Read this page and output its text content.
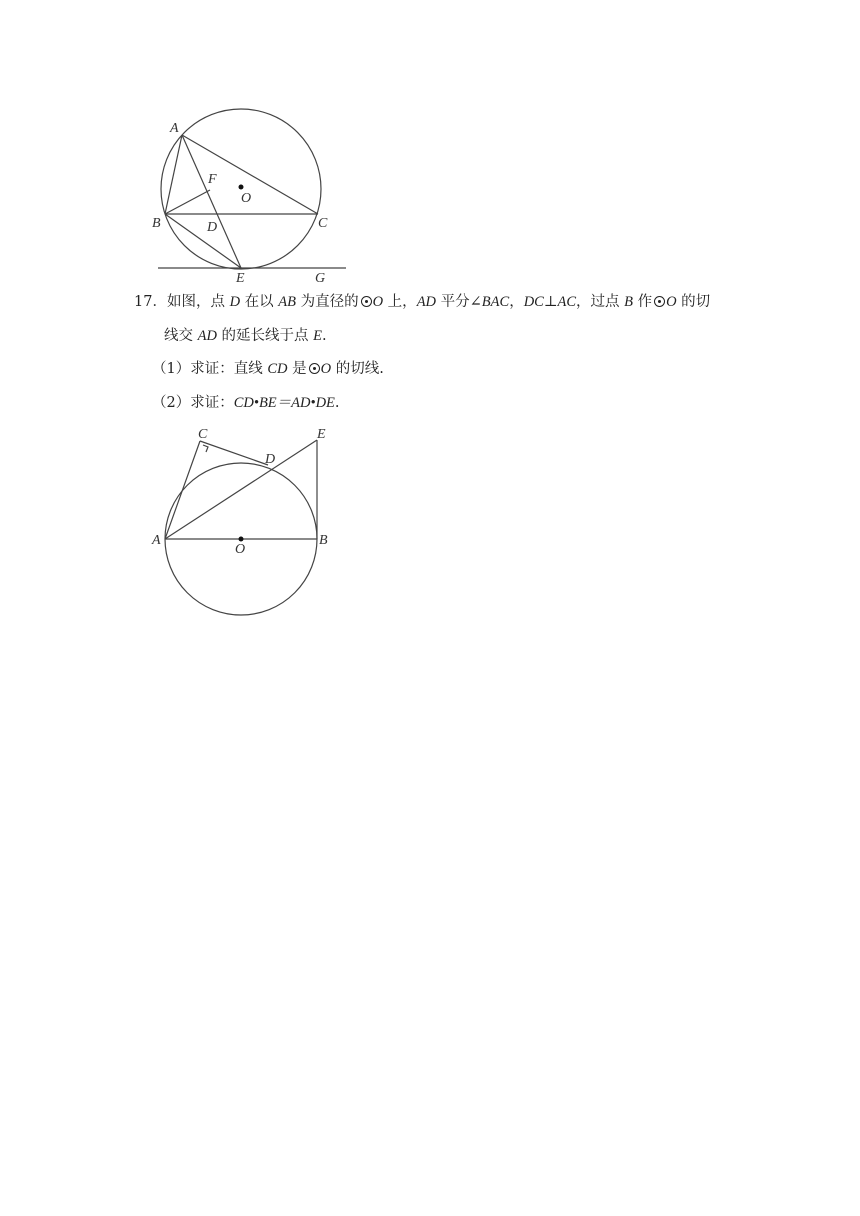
A
B	C
D
E
F
G
O
17．如图，点 D 在以 AB 为直径的 O 上，AD 平分∠BAC，DC⊥AC，过点 B 作 O 的切
线交 AD 的延长线于点 E.
（1）求证：直线 CD 是 O 的切线.
（2）求证：CD•BE＝AD•DE.
A	B
C
D
E
O
